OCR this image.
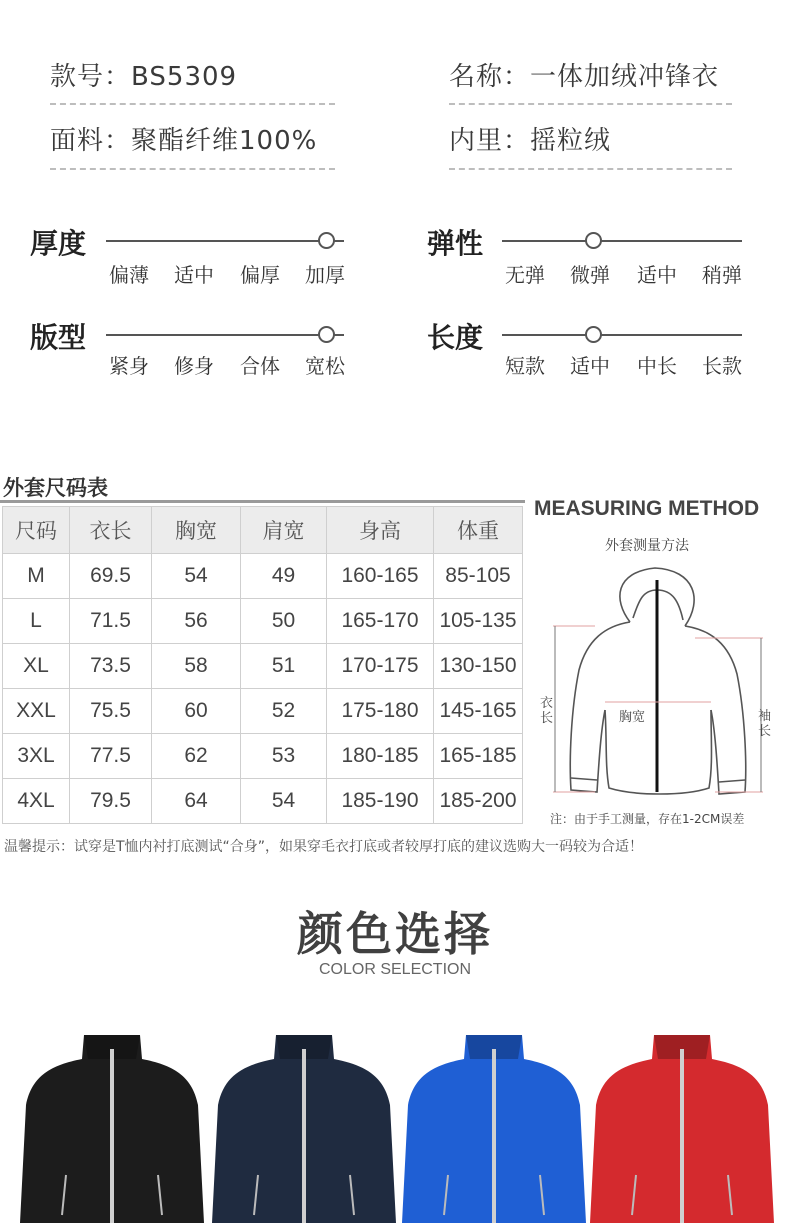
款号：BS5309	名称：一体加绒冲锋衣
面料：聚酯纤维100%	内里：摇粒绒
厚度
偏薄 适中 偏厚 加厚
弹性
无弹 微弹 适中 稍弹
版型
紧身 修身 合体 宽松
长度
短款 适中 中长 长款
外套尺码表
尺码	衣长	胸宽	肩宽	身高	体重
M	69.5	54	49	160-165	85-105
L	71.5	56	50	165-170	105-135
XL	73.5	58	51	170-175	130-150
XXL	75.5	60	52	175-180	145-165
3XL	77.5	62	53	180-185	165-185
4XL	79.5	64	54	185-190	185-200
MEASURING METHOD
外套测量方法
衣长	胸宽	袖长
注：由于手工测量，存在1-2CM误差
温馨提示：试穿是T恤内衬打底测试“合身”，如果穿毛衣打底或者较厚打底的建议选购大一码较为合适！
颜色选择
COLOR SELECTION
